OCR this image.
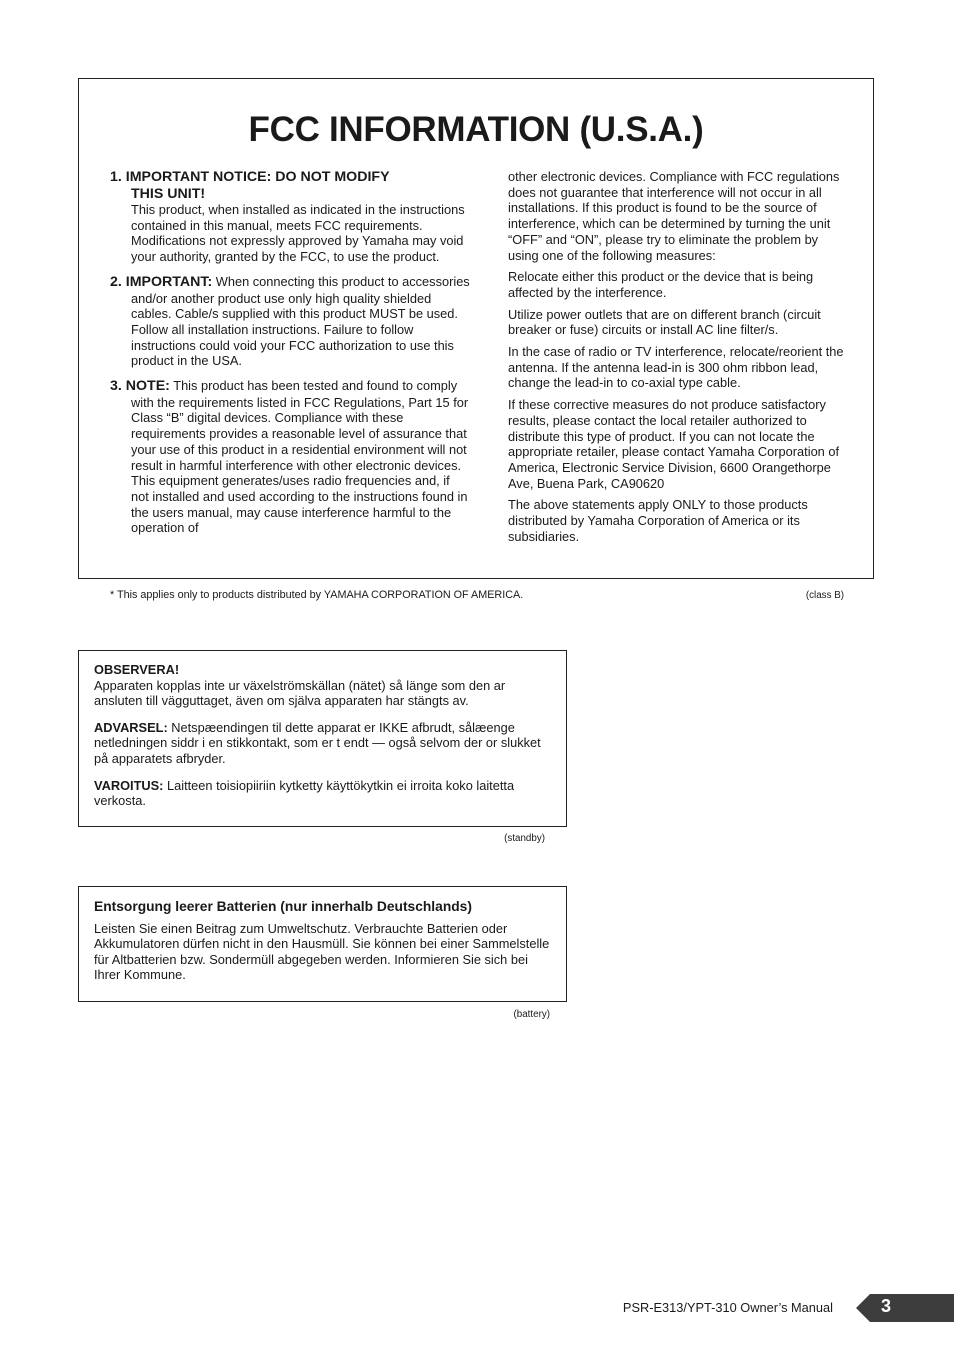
FCC INFORMATION (U.S.A.)
1. IMPORTANT NOTICE: DO NOT MODIFY
THIS UNIT!

This product, when installed as indicated in the instructions contained in this manual, meets FCC requirements. Modifications not expressly approved by Yamaha may void your authority, granted by the FCC, to use the product.

2. IMPORTANT: When connecting this product to accessories and/or another product use only high quality shielded cables. Cable/s supplied with this product MUST be used. Follow all installation instructions. Failure to follow instructions could void your FCC authorization to use this product in the USA.

3. NOTE: This product has been tested and found to comply with the requirements listed in FCC Regulations, Part 15 for Class “B” digital devices. Compliance with these requirements provides a reasonable level of assurance that your use of this product in a residential environment will not result in harmful interference with other electronic devices. This equipment generates/uses radio frequencies and, if not installed and used according to the instructions found in the users manual, may cause interference harmful to the operation of

other electronic devices. Compliance with FCC regulations does not guarantee that interference will not occur in all installations. If this product is found to be the source of interference, which can be determined by turning the unit “OFF” and “ON”, please try to eliminate the problem by using one of the following measures:

Relocate either this product or the device that is being affected by the interference.

Utilize power outlets that are on different branch (circuit breaker or fuse) circuits or install AC line filter/s.

In the case of radio or TV interference, relocate/reorient the antenna. If the antenna lead-in is 300 ohm ribbon lead, change the lead-in to co-axial type cable.

If these corrective measures do not produce satisfactory results, please contact the local retailer authorized to distribute this type of product. If you can not locate the appropriate retailer, please contact Yamaha Corporation of America, Electronic Service Division, 6600 Orangethorpe Ave, Buena Park, CA90620

The above statements apply ONLY to those products distributed by Yamaha Corporation of America or its subsidiaries.

* This applies only to products distributed by YAMAHA CORPORATION OF AMERICA.	(class B)
OBSERVERA!

Apparaten kopplas inte ur växelströmskällan (nätet) så länge som den ar ansluten till vägguttaget, även om själva apparaten har stängts av.

ADVARSEL: Netspæendingen til dette apparat er IKKE afbrudt, sålæenge netledningen siddr i en stikkontakt, som er t endt — også selvom der or slukket på apparatets afbryder.

VAROITUS: Laitteen toisiopiiriin kytketty käyttökytkin ei irroita koko laitetta verkosta.

(standby)
Entsorgung leerer Batterien (nur innerhalb Deutschlands)

Leisten Sie einen Beitrag zum Umweltschutz. Verbrauchte Batterien oder Akkumulatoren dürfen nicht in den Hausmüll. Sie können bei einer Sammelstelle für Altbatterien bzw. Sondermüll abgegeben werden. Informieren Sie sich bei Ihrer Kommune.

(battery)
PSR-E313/YPT-310 Owner’s Manual	3
